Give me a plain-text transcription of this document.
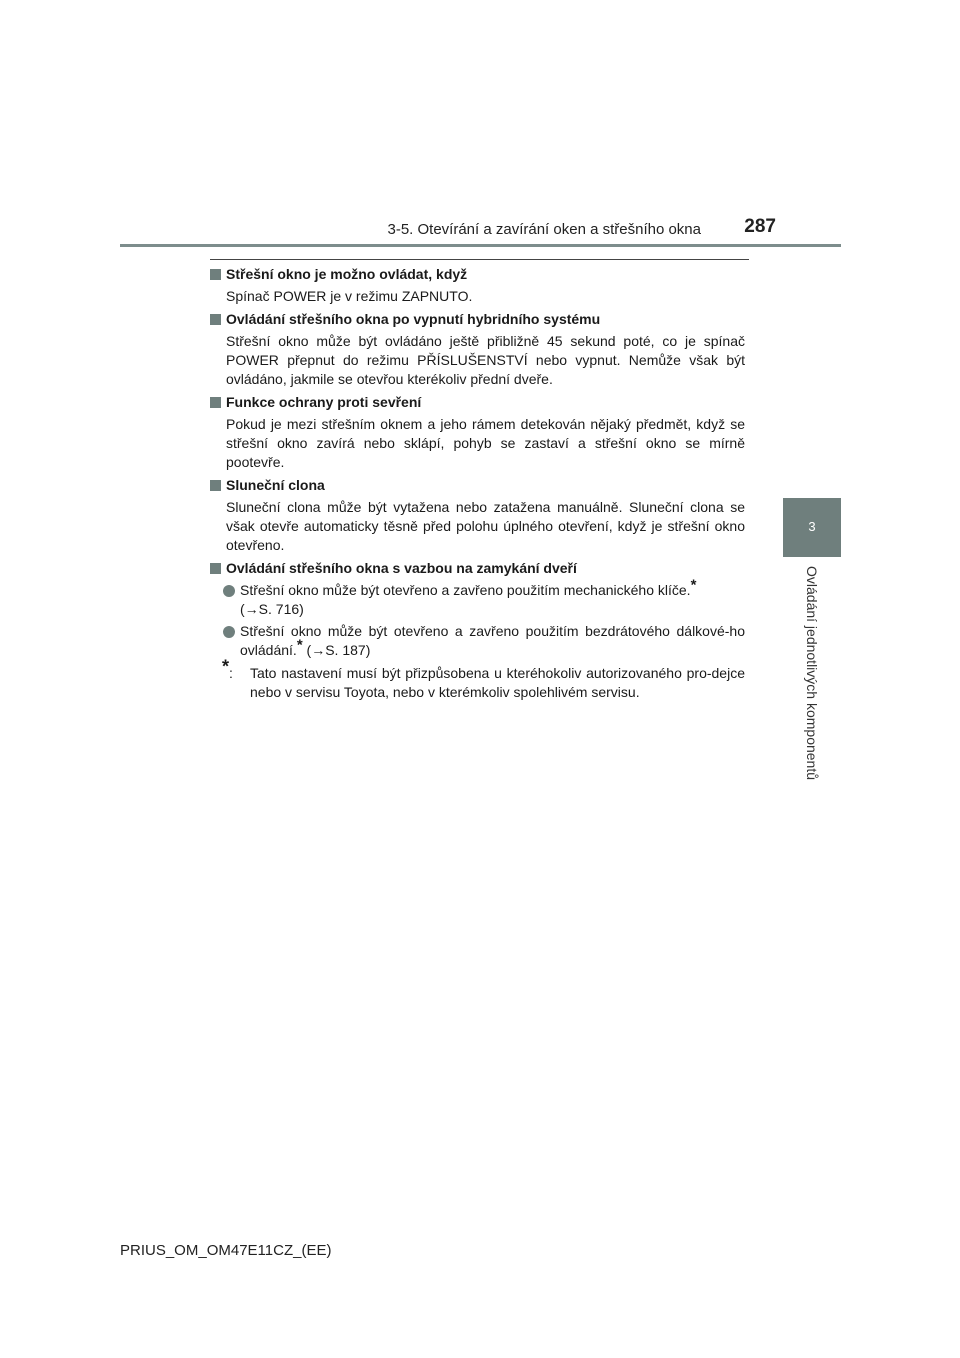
3-5. Otevírání a zavírání oken a střešního okna	287
3
Ovládání jednotlivých komponentů
Střešní okno je možno ovládat, když
Spínač POWER je v režimu ZAPNUTO.
Ovládání střešního okna po vypnutí hybridního systému
Střešní okno může být ovládáno ještě přibližně 45 sekund poté, co je spínač POWER přepnut do režimu PŘÍSLUŠENSTVÍ nebo vypnut. Nemůže však být ovládáno, jakmile se otevřou kterékoliv přední dveře.
Funkce ochrany proti sevření
Pokud je mezi střešním oknem a jeho rámem detekován nějaký předmět, když se střešní okno zavírá nebo sklápí, pohyb se zastaví a střešní okno se mírně pootevře.
Sluneční clona
Sluneční clona může být vytažena nebo zatažena manuálně. Sluneční clona se však otevře automaticky těsně před polohu úplného otevření, když je střešní okno otevřeno.
Ovládání střešního okna s vazbou na zamykání dveří
Střešní okno může být otevřeno a zavřeno použitím mechanického klíče.*
(→S. 716)
Střešní okno může být otevřeno a zavřeno použitím bezdrátového dálkové-ho ovládání.* (→S. 187)
*:	Tato nastavení musí být přizpůsobena u kteréhokoliv autorizovaného pro-dejce nebo v servisu Toyota, nebo v kterémkoliv spolehlivém servisu.
PRIUS_OM_OM47E11CZ_(EE)
